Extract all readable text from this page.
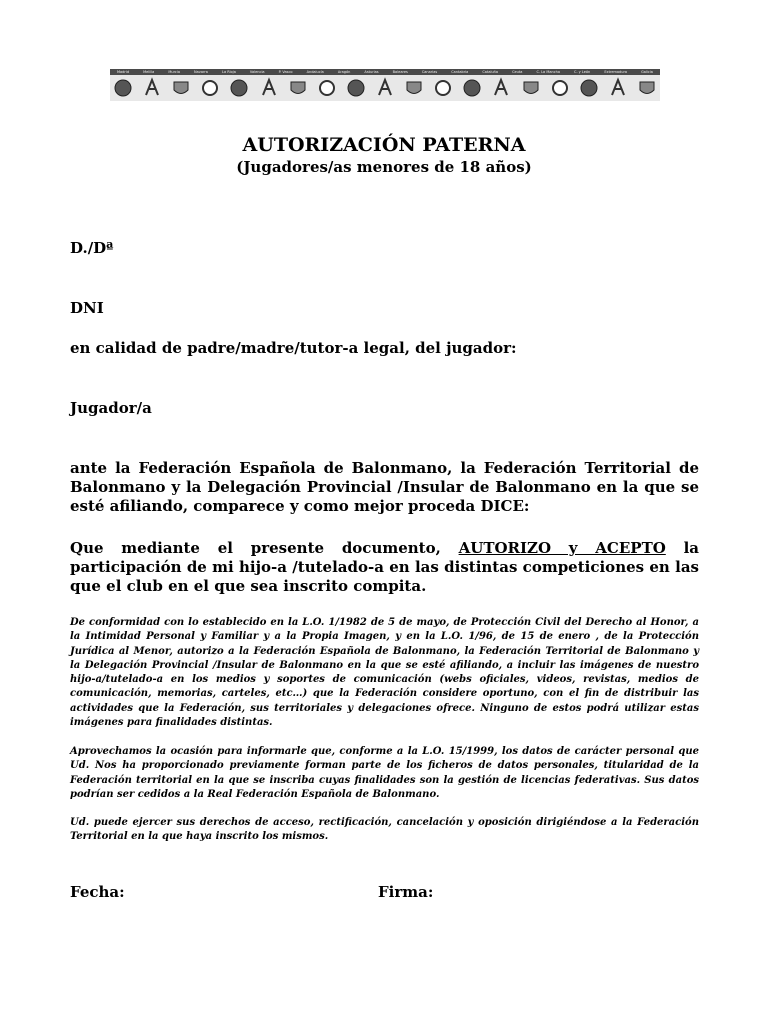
Madrid	Melilla	Murcia	Navarra	La Rioja	Valencia	P. Vasco	Andalucía	Aragón	Asturias	Baleares	Canarias	Cantabria	Cataluña	Ceuta	C. La Mancha	C. y León	Extremadura	Galicia
AUTORIZACIÓN PATERNA
(Jugadores/as menores de 18 años)
D./Dª
DNI
en calidad de padre/madre/tutor-a legal, del jugador:
Jugador/a

ante la Federación Española de Balonmano, la Federación Territorial de Balonmano y la Delegación Provincial /Insular de Balonmano en la que se esté afiliando, comparece y como mejor proceda DICE:

Que mediante el presente documento, AUTORIZO y ACEPTO la participación de mi hijo-a /tutelado-a en las distintas competiciones en las que el club en el que sea inscrito compita.

De conformidad con lo establecido en la L.O. 1/1982 de 5 de mayo, de Protección Civil del Derecho al Honor, a la Intimidad Personal y Familiar y a la Propia Imagen, y en la L.O. 1/96, de 15 de enero , de la Protección Jurídica al Menor, autorizo a la Federación Española de Balonmano, la Federación Territorial de Balonmano y la Delegación Provincial /Insular de Balonmano en la que se esté afiliando, a incluir las imágenes de nuestro hijo-a/tutelado-a en los medios y soportes de comunicación (webs oficiales, videos, revistas, medios de comunicación, memorias, carteles, etc…) que la Federación considere oportuno, con el fin de distribuir las actividades que la Federación, sus territoriales y delegaciones ofrece. Ninguno de estos podrá utilizar estas imágenes para finalidades distintas.

Aprovechamos la ocasión para informarle que, conforme a la L.O. 15/1999, los datos de carácter personal que Ud. Nos ha proporcionado previamente forman parte de los ficheros de datos personales, titularidad de la Federación territorial en la que se inscriba cuyas finalidades son la gestión de licencias federativas. Sus datos podrían ser cedidos a la Real Federación Española de Balonmano.

Ud. puede ejercer sus derechos de acceso, rectificación, cancelación y oposición dirigiéndose a la Federación Territorial en la que haya inscrito los mismos.

Fecha:	Firma:
